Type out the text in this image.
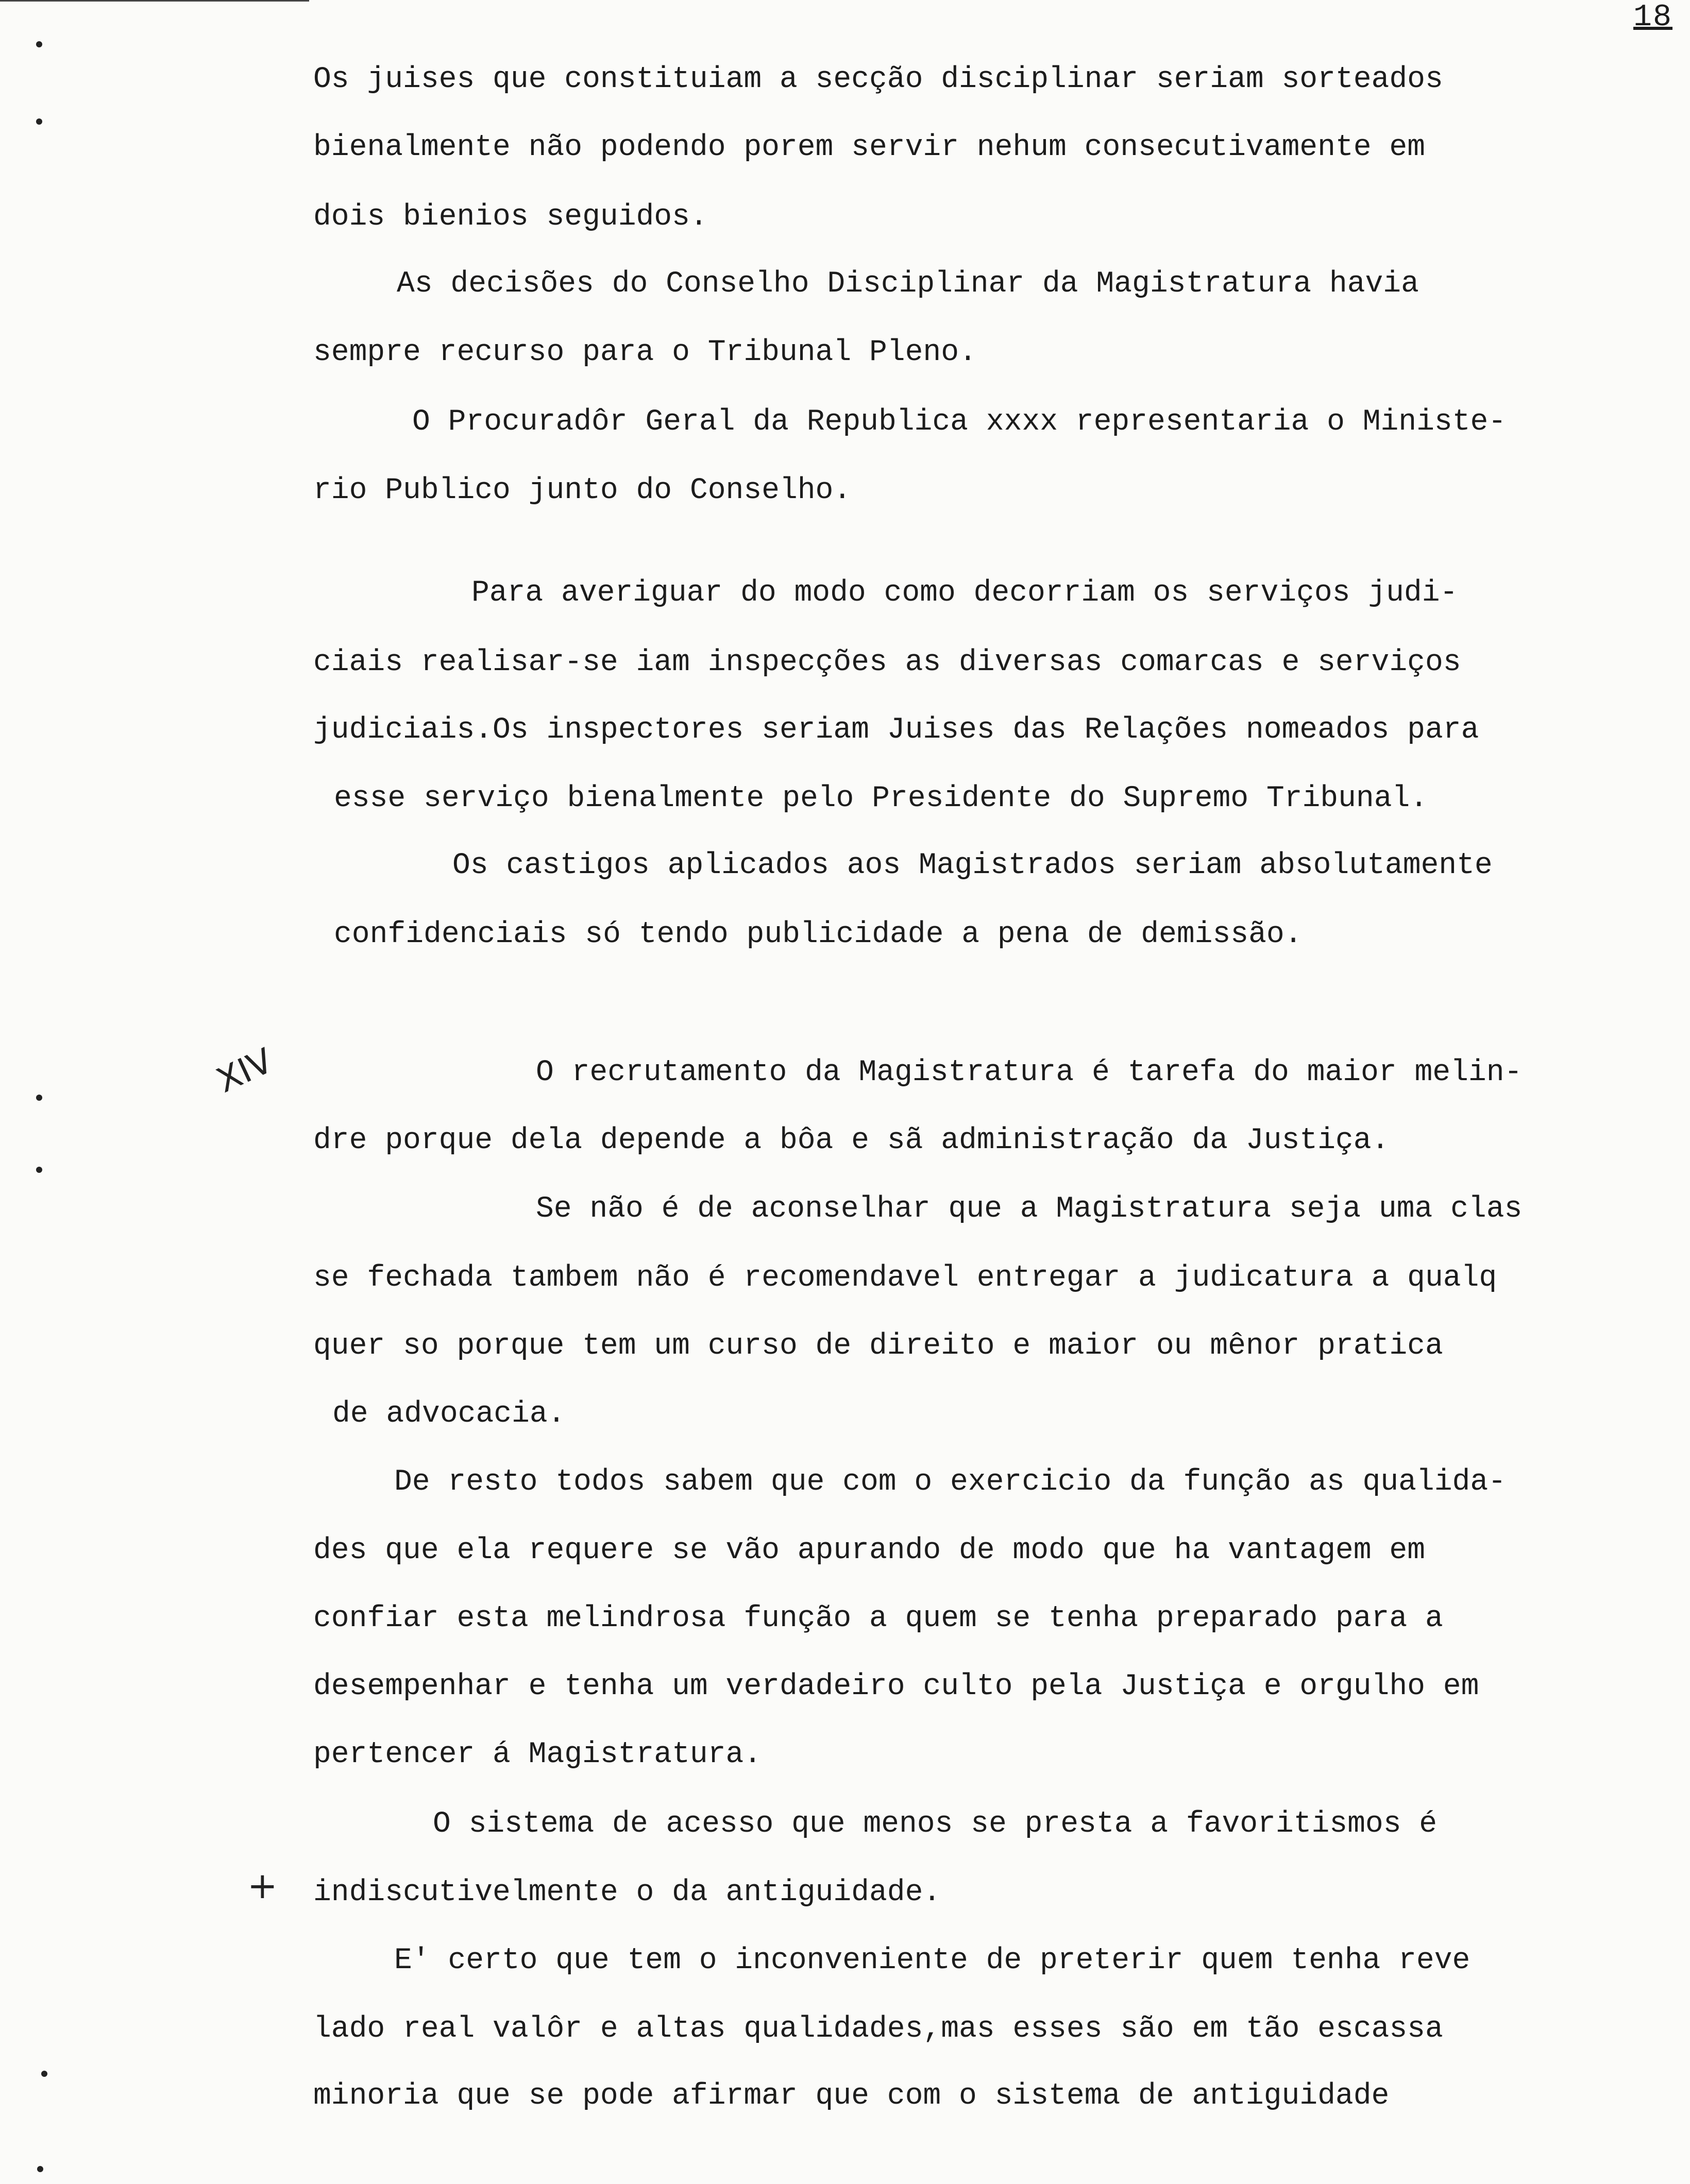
18
XIV
+
Os juises que constituiam a secção disciplinar seriam sorteados
bienalmente não podendo porem servir nehum consecutivamente em
dois bienios seguidos.
As decisões do Conselho Disciplinar da Magistratura havia
sempre recurso para o Tribunal Pleno.
O Procuradôr Geral da Republica xxxx representaria o Ministe-
rio Publico junto do Conselho.
Para averiguar do modo como decorriam os serviços judi-
ciais realisar-se iam inspecções as diversas comarcas e serviços
judiciais.Os inspectores seriam Juises das Relações nomeados para
esse serviço bienalmente pelo Presidente do Supremo Tribunal.
Os castigos aplicados aos Magistrados seriam absolutamente
confidenciais só tendo publicidade a pena de demissão.
O recrutamento da Magistratura é tarefa do maior melin-
dre porque dela depende a bôa e sã administração da Justiça.
Se não é de aconselhar que a Magistratura seja uma clas
se fechada tambem não é recomendavel entregar a judicatura a qualq
quer so porque tem um curso de direito e maior ou mênor pratica
de advocacia.
De resto todos sabem que com o exercicio da função as qualida-
des que ela requere se vão apurando de modo que ha vantagem em
confiar esta melindrosa função a quem se tenha preparado para a
desempenhar e tenha um verdadeiro culto pela Justiça e orgulho em
pertencer á Magistratura.
O sistema de acesso que menos se presta a favoritismos é
indiscutivelmente o da antiguidade.
E' certo que tem o inconveniente de preterir quem tenha reve
lado real valôr e altas qualidades,mas esses são em tão escassa
minoria que se pode afirmar que com o sistema de antiguidade
